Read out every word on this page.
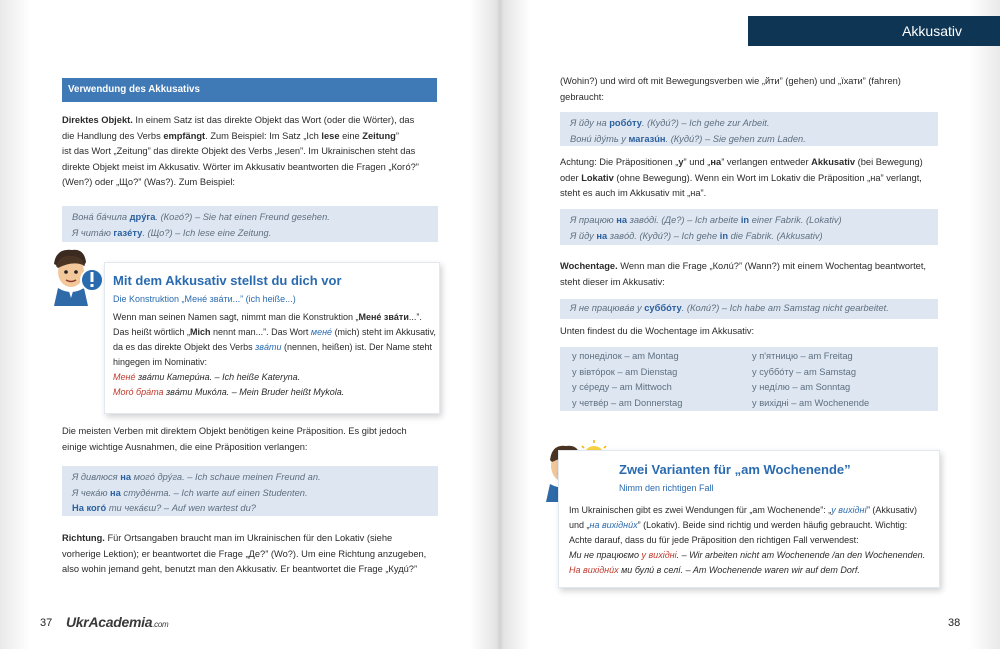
Verwendung des Akkusativs
Direktes Objekt. In einem Satz ist das direkte Objekt das Wort (oder die Wörter), das
die Handlung des Verbs empfängt. Zum Beispiel: Im Satz „Ich lese eine Zeitung”
ist das Wort „Zeitung” das direkte Objekt des Verbs „lesen”. Im Ukrainischen steht das
direkte Objekt meist im Akkusativ. Wörter im Akkusativ beantworten die Fragen „Когó?”
(Wen?) oder „Щo?” (Was?). Zum Beispiel:
Вонá бáчила дрýга. (Когó?) – Sie hat einen Freund gesehen.
Я читáю газéту. (Щo?) – Ich lese eine Zeitung.
Mit dem Akkusativ stellst du dich vor
Die Konstruktion „Менé звáти...” (ich heiße...)
Wenn man seinen Namen sagt, nimmt man die Konstruktion „Менé звáти...”.
Das heißt wörtlich „Mich nennt man...”. Das Wort менé (mich) steht im Akkusativ,
da es das direkte Objekt des Verbs звáти (nennen, heißen) ist. Der Name steht
hingegen im Nominativ:
Менé звáти Катери́на. – Ich heiße Kateryna.
Moró брáта звáти Микóла. – Mein Bruder heißt Mykola.
Die meisten Verben mit direktem Objekt benötigen keine Präposition. Es gibt jedoch
einige wichtige Ausnahmen, die eine Präposition verlangen:
Я дивлюся на могó дрýга. – Ich schaue meinen Freund an.
Я чекáю на студéнта. – Ich warte auf einen Studenten.
На когó ти чекáєш? – Auf wen wartest du?
Richtung. Für Ortsangaben braucht man im Ukrainischen für den Lokativ (siehe
vorherige Lektion); er beantwortet die Frage „Дe?” (Wo?). Um eine Richtung anzugeben,
also wohin jemand geht, benutzt man den Akkusativ. Er beantwortet die Frage „Кудú?”
37 UkrAcademia.com
Akkusativ
(Wohin?) und wird oft mit Bewegungsverben wie „йти” (gehen) und „їхати” (fahren)
gebraucht:
Я йду на робóту. (Кудú?) – Ich gehe zur Arbeit.
Вонú ідýть у магазúн. (Кудú?) – Sie gehen zum Laden.
Achtung: Die Präpositionen „у” und „на” verlangen entweder Akkusativ (bei Bewegung)
oder Lokativ (ohne Bewegung). Wenn ein Wort im Lokativ die Präposition „на” verlangt,
steht es auch im Akkusativ mit „на”.
Я працюю на завóді. (Дe?) – Ich arbeite in einer Fabrik. (Lokativ)
Я йду на завóд. (Кудú?) – Ich gehe in die Fabrik. (Akkusativ)
Wochentage. Wenn man die Frage „Кoлú?” (Wann?) mit einem Wochentag beantwortet,
steht dieser im Akkusativ:
Я не працювáв у суббóту. (Кoлú?) – Ich habe am Samstag nicht gearbeitet.
Unten findest du die Wochentage im Akkusativ:
у понеділок – am Montag
у вівтóрок – am Dienstag
у сéреду – am Mittwoch
у четвéр – am Donnerstag
у п'ятницю – am Freitag
у суббóту – am Samstag
у недíлю – am Sonntag
у вихідні – am Wochenende
Zwei Varianten für „am Wochenende”
Nimm den richtigen Fall
Im Ukrainischen gibt es zwei Wendungen für „am Wochenende”: „у вихіднí” (Akkusativ)
und „на вихіднúх” (Lokativ). Beide sind richtig und werden häufig gebraucht. Wichtig:
Achte darauf, dass du für jede Präposition den richtigen Fall verwendest:
Ми не працюємо у вихідні. – Wir arbeiten nicht am Wochenende /an den Wochenenden.
На вихіднúх ми булú в селí. – Am Wochenende waren wir auf dem Dorf.
38
